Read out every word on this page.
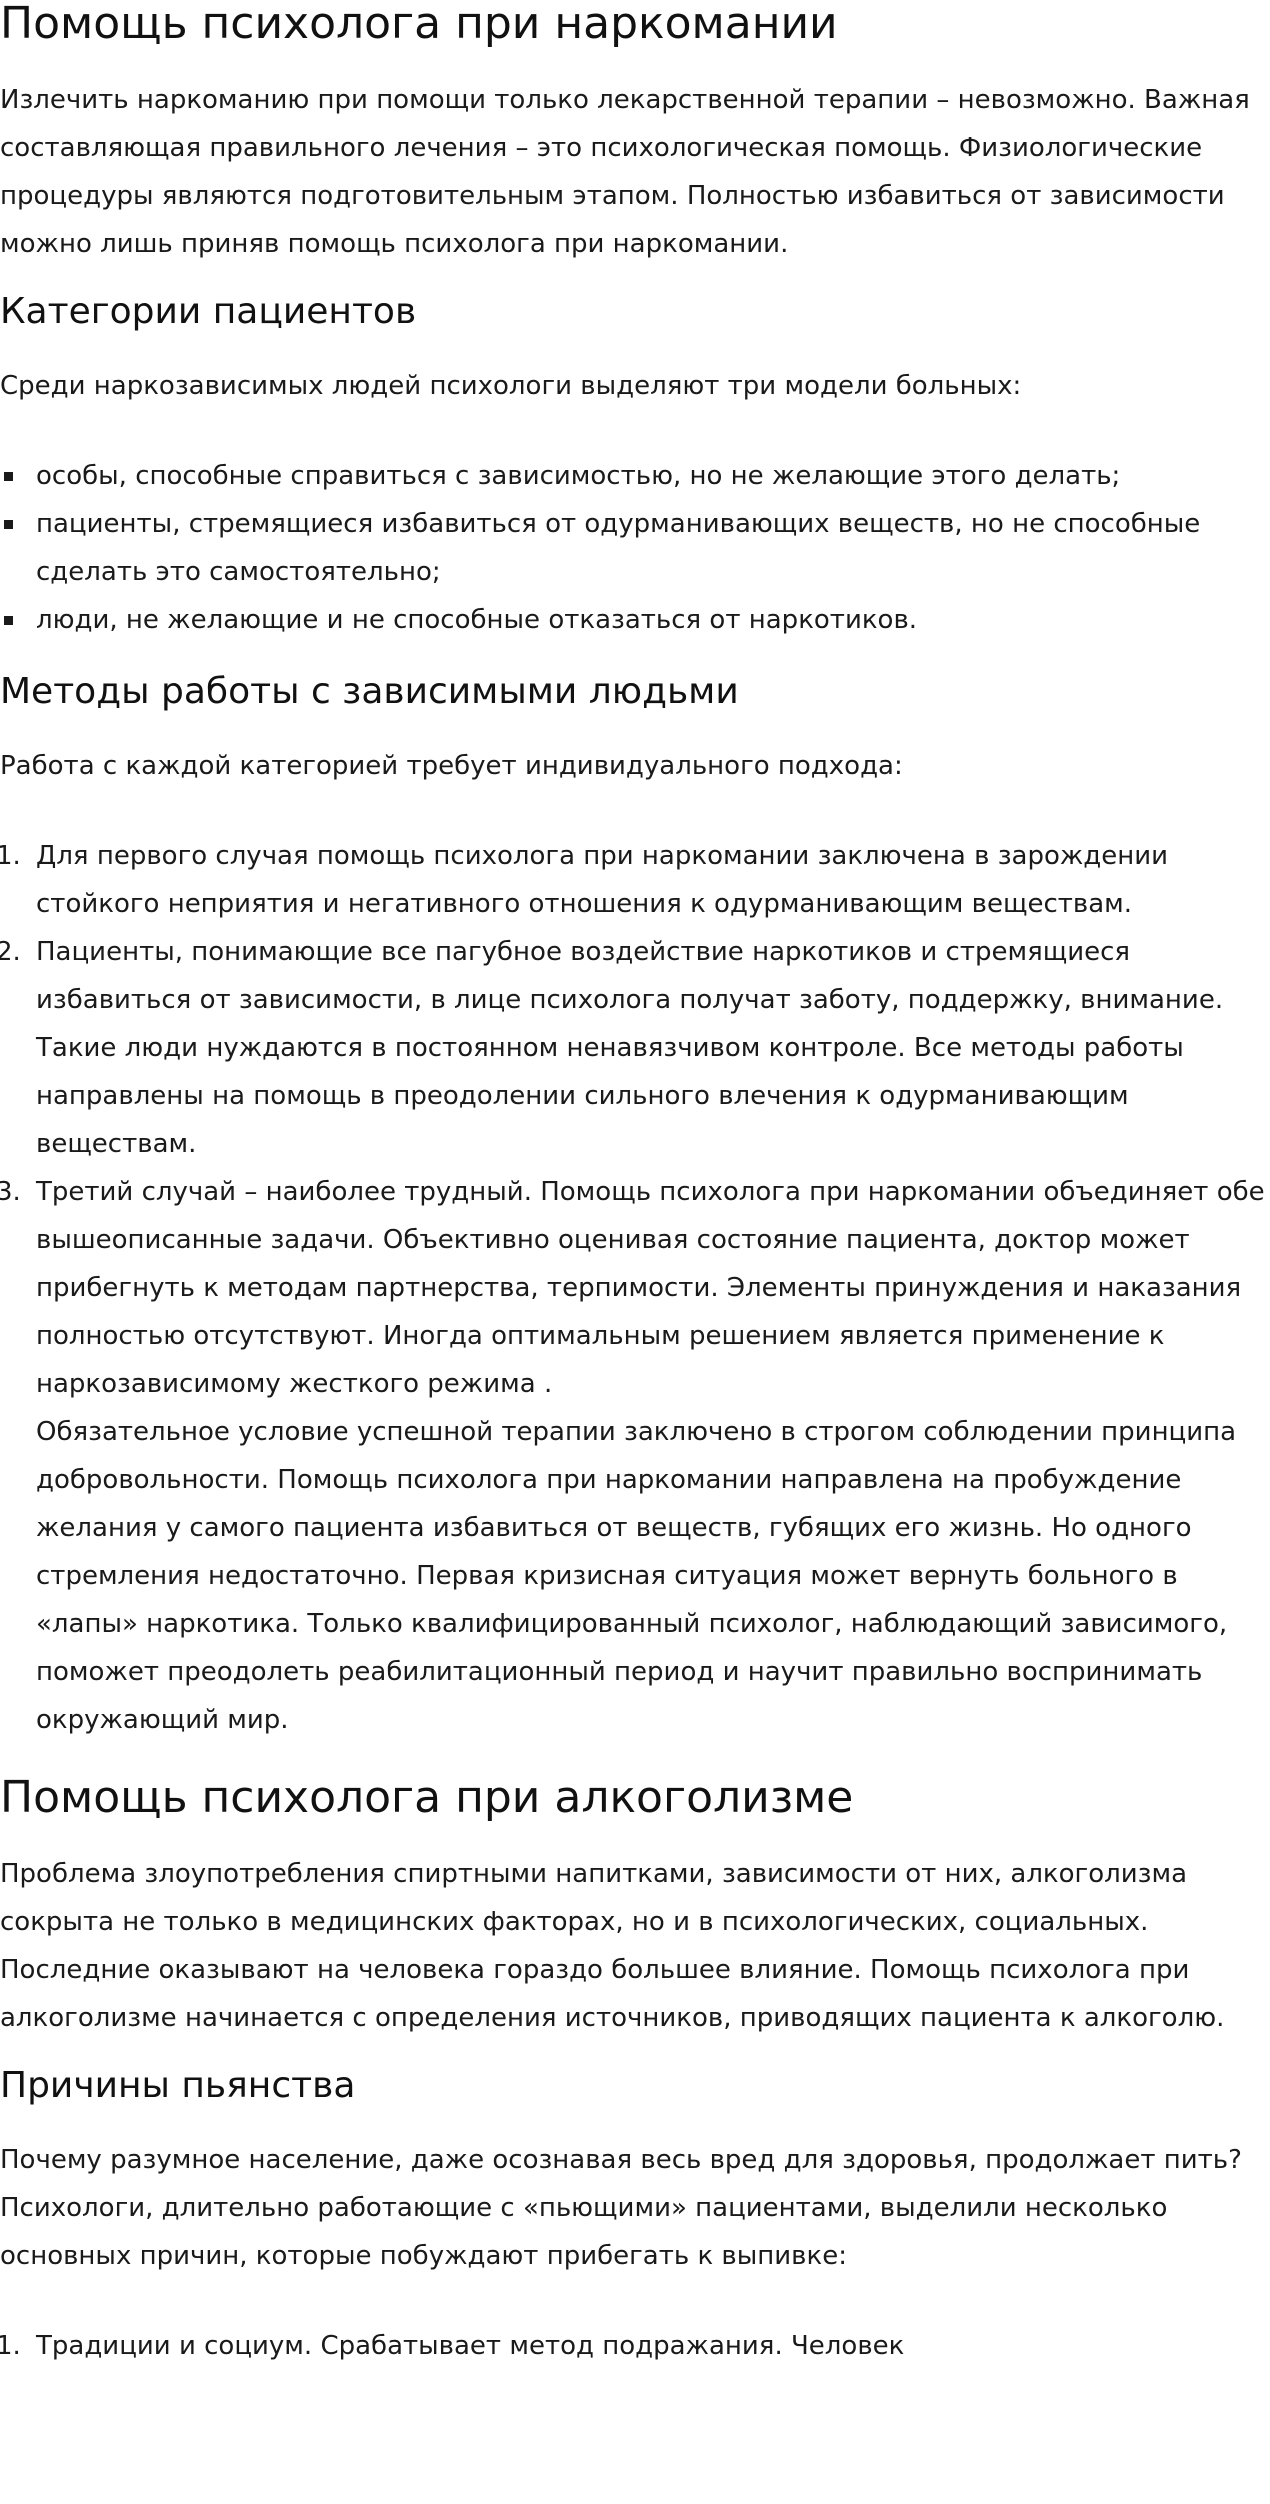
Помощь психолога при наркомании

Излечить наркоманию при помощи только лекарственной терапии – невозможно. Важная составляющая правильного лечения – это психологическая помощь. Физиологические процедуры являются подготовительным этапом. Полностью избавиться от зависимости можно лишь приняв помощь психолога при наркомании.

Категории пациентов

Среди наркозависимых людей психологи выделяют три модели больных:

особы, способные справиться с зависимостью, но не желающие этого делать;
пациенты, стремящиеся избавиться от одурманивающих веществ, но не способные сделать это самостоятельно;
люди, не желающие и не способные отказаться от наркотиков.
Методы работы с зависимыми людьми

Работа с каждой категорией требует индивидуального подхода:

Для первого случая помощь психолога при наркомании заключена в зарождении стойкого неприятия и негативного отношения к одурманивающим веществам.
Пациенты, понимающие все пагубное воздействие наркотиков и стремящиеся избавиться от зависимости, в лице психолога получат заботу, поддержку, внимание. Такие люди нуждаются в постоянном ненавязчивом контроле. Все методы работы направлены на помощь в преодолении сильного влечения к одурманивающим веществам.
Третий случай – наиболее трудный. Помощь психолога при наркомании объединяет обе вышеописанные задачи. Объективно оценивая состояние пациента, доктор может прибегнуть к методам партнерства, терпимости. Элементы принуждения и наказания полностью отсутствуют. Иногда оптимальным решением является применение к наркозависимому жесткого режима .
Обязательное условие успешной терапии заключено в строгом соблюдении принципа добровольности. Помощь психолога при наркомании направлена на пробуждение желания у самого пациента избавиться от веществ, губящих его жизнь. Но одного стремления недостаточно. Первая кризисная ситуация может вернуть больного в «лапы» наркотика. Только квалифицированный психолог, наблюдающий зависимого, поможет преодолеть реабилитационный период и научит правильно воспринимать окружающий мир.
Помощь психолога при алкоголизме

Проблема злоупотребления спиртными напитками, зависимости от них, алкоголизма сокрыта не только в медицинских факторах, но и в психологических, социальных. Последние оказывают на человека гораздо большее влияние. Помощь психолога при алкоголизме начинается с определения источников, приводящих пациента к алкоголю.

Причины пьянства

Почему разумное население, даже осознавая весь вред для здоровья, продолжает пить? Психологи, длительно работающие с «пьющими» пациентами, выделили несколько основных причин, которые побуждают прибегать к выпивке:

Традиции и социум. Срабатывает метод подражания. Человек
